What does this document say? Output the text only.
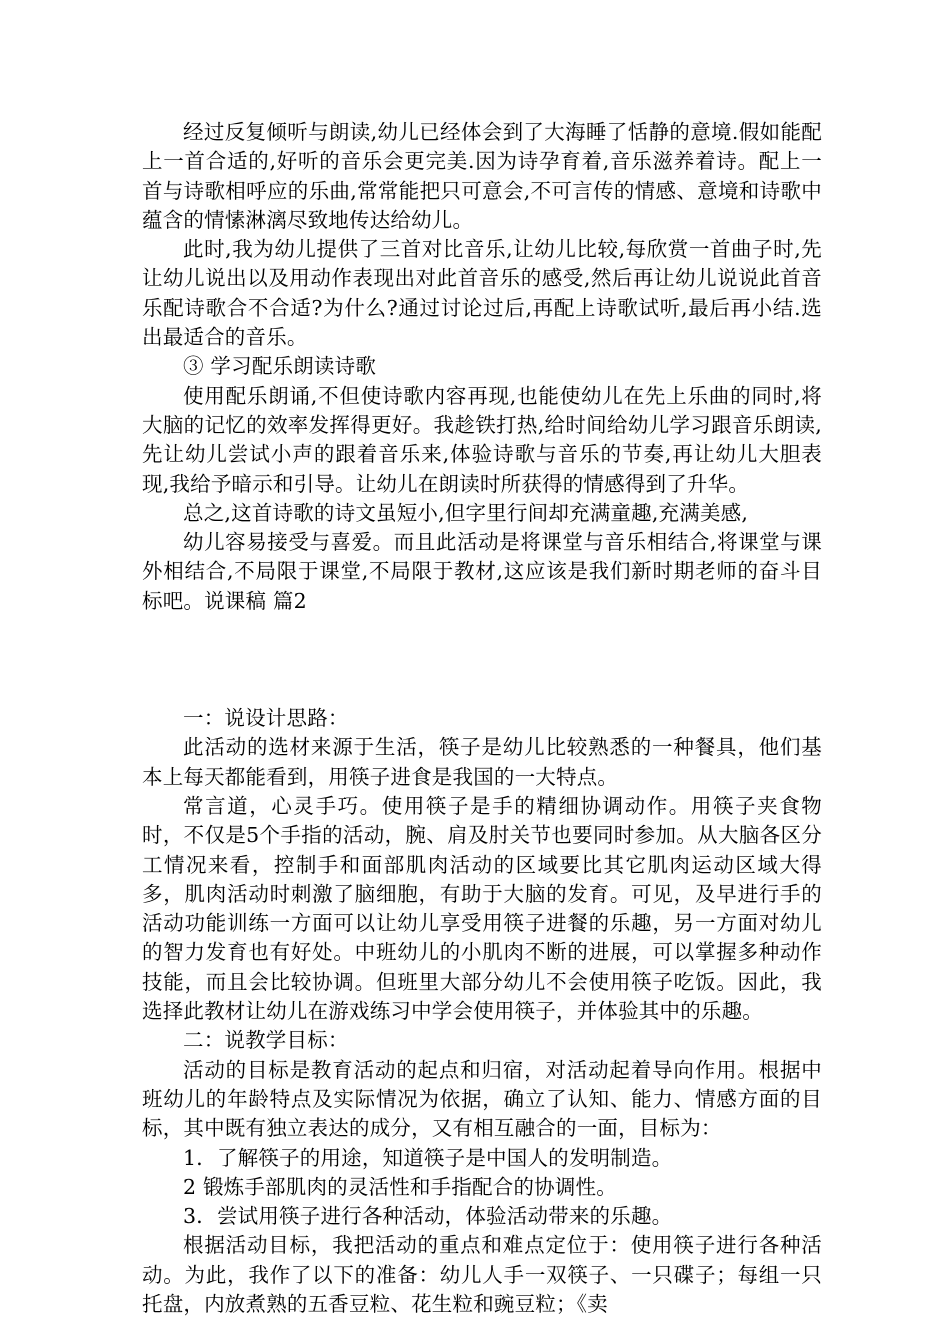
经过反复倾听与朗读,幼儿已经体会到了大海睡了恬静的意境.假如能配上一首合适的,好听的音乐会更完美.因为诗孕育着,音乐滋养着诗。配上一首与诗歌相呼应的乐曲,常常能把只可意会,不可言传的情感、意境和诗歌中蕴含的情愫淋漓尽致地传达给幼儿。

此时,我为幼儿提供了三首对比音乐,让幼儿比较,每欣赏一首曲子时,先让幼儿说出以及用动作表现出对此首音乐的感受,然后再让幼儿说说此首音乐配诗歌合不合适?为什么?通过讨论过后,再配上诗歌试听,最后再小结.选出最适合的音乐。

③ 学习配乐朗读诗歌

使用配乐朗诵,不但使诗歌内容再现,也能使幼儿在先上乐曲的同时,将大脑的记忆的效率发挥得更好。我趁铁打热,给时间给幼儿学习跟音乐朗读,先让幼儿尝试小声的跟着音乐来,体验诗歌与音乐的节奏,再让幼儿大胆表现,我给予暗示和引导。让幼儿在朗读时所获得的情感得到了升华。

总之,这首诗歌的诗文虽短小,但字里行间却充满童趣,充满美感,

幼儿容易接受与喜爱。而且此活动是将课堂与音乐相结合,将课堂与课外相结合,不局限于课堂,不局限于教材,这应该是我们新时期老师的奋斗目标吧。说课稿 篇2

一：说设计思路：

此活动的选材来源于生活，筷子是幼儿比较熟悉的一种餐具，他们基本上每天都能看到，用筷子进食是我国的一大特点。

常言道，心灵手巧。使用筷子是手的精细协调动作。用筷子夹食物时，不仅是5个手指的活动，腕、肩及肘关节也要同时参加。从大脑各区分工情况来看，控制手和面部肌肉活动的区域要比其它肌肉运动区域大得多，肌肉活动时刺激了脑细胞，有助于大脑的发育。可见，及早进行手的活动功能训练一方面可以让幼儿享受用筷子进餐的乐趣，另一方面对幼儿的智力发育也有好处。中班幼儿的小肌肉不断的进展，可以掌握多种动作技能，而且会比较协调。但班里大部分幼儿不会使用筷子吃饭。因此，我选择此教材让幼儿在游戏练习中学会使用筷子，并体验其中的乐趣。

二：说教学目标：

活动的目标是教育活动的起点和归宿，对活动起着导向作用。根据中班幼儿的年龄特点及实际情况为依据，确立了认知、能力、情感方面的目标，其中既有独立表达的成分，又有相互融合的一面，目标为：

1．了解筷子的用途，知道筷子是中国人的发明制造。

2 锻炼手部肌肉的灵活性和手指配合的协调性。

3．尝试用筷子进行各种活动，体验活动带来的乐趣。

根据活动目标，我把活动的重点和难点定位于：使用筷子进行各种活动。为此，我作了以下的准备：幼儿人手一双筷子、一只碟子；每组一只托盘，内放煮熟的五香豆粒、花生粒和豌豆粒；《卖
